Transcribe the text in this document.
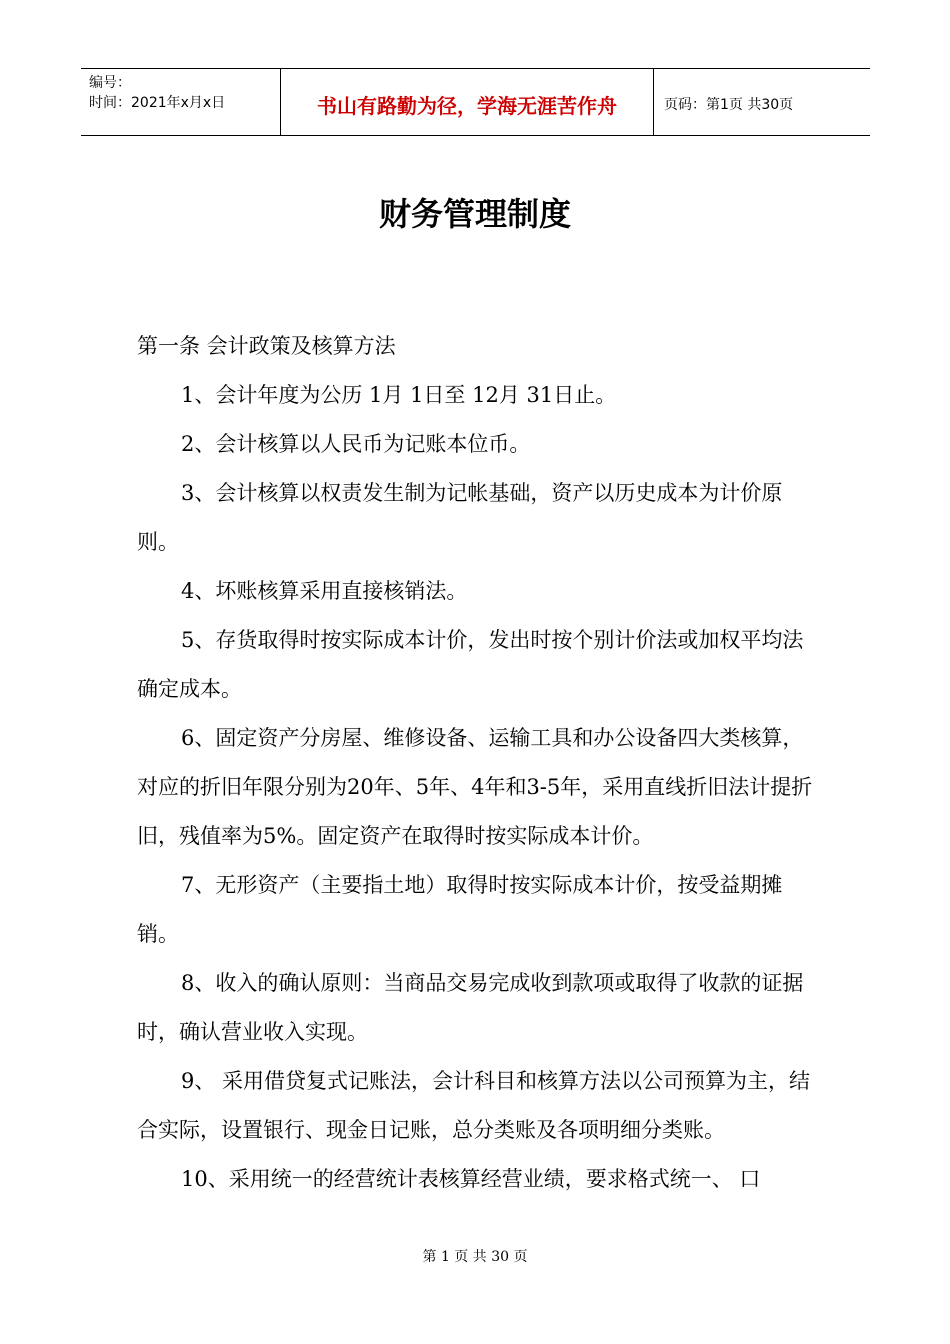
编号：
时间：2021年x月x日	书山有路勤为径，学海无涯苦作舟	页码：第1页 共30页
财务管理制度

第一条 会计政策及核算方法

1、会计年度为公历 1月 1日至 12月 31日止。

2、会计核算以人民币为记账本位币。

3、会计核算以权责发生制为记帐基础，资产以历史成本为计价原则。

4、坏账核算采用直接核销法。

5、存货取得时按实际成本计价，发出时按个别计价法或加权平均法确定成本。

6、固定资产分房屋、维修设备、运输工具和办公设备四大类核算，对应的折旧年限分别为20年、5年、4年和3-5年，采用直线折旧法计提折旧，残值率为5%。固定资产在取得时按实际成本计价。

7、无形资产（主要指土地）取得时按实际成本计价，按受益期摊销。

8、收入的确认原则：当商品交易完成收到款项或取得了收款的证据时，确认营业收入实现。

9、 采用借贷复式记账法，会计科目和核算方法以公司预算为主，结合实际，设置银行、现金日记账，总分类账及各项明细分类账。

10、采用统一的经营统计表核算经营业绩，要求格式统一、 口

第 1 页 共 30 页
